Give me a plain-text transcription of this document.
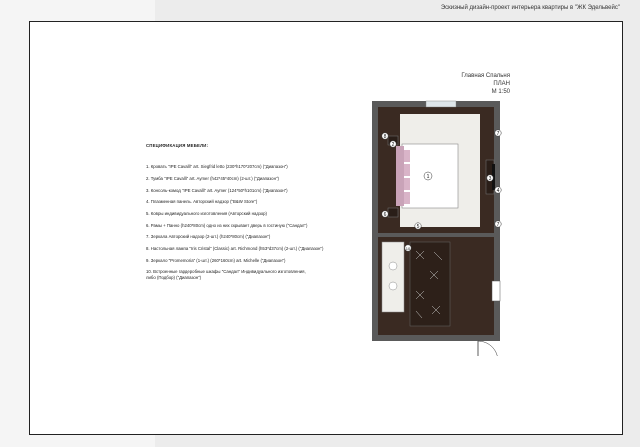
Эскизный дизайн-проект интерьера квартиры в "ЖК Эдельвейс"
Главная Спальня
ПЛАН
М 1:50
СПЕЦИФИКАЦИЯ МЕБЕЛИ:
1. Кровать "IPE Cavalli" art. Siegfrid letto (230*h170*207cm) ("Диапазон")
2. Тумба "IPE Cavalli" art. Aymer (h42*45*40cm) (2-шт.) ("Диапазон")
3. Консоль-комод "IPE Cavalli" art. Aymer (124*50*h101cm) ("Диапазон")
4. Плазменная панель. Авторский надзор ("B&W Store")
5. Ковры индивидуального изготовления (Авторский надзор)
6. Рамы + Панно (h240*80cm) одно из них скрывает дверь в гостиную ("Сандал")
7. Зеркала Авторский надзор (2-шт.) (h240*80cm) ("Диапазон")
8. Настольная лампа "Iris Cristal" (Classic) art. Richmond (h53*d37cm) (2-шт.) ("Диапазон")
9. Зеркало "Promemoria" (1-шт.) (260*160cm) art. Michelle ("Диапазон")
10. Встроенные гардеробные шкафы "Сандал" Индивидуального изготовления,
либо (Подбор) ("Диапазон")
1
8
2
6
5
7
3
4
7
10
